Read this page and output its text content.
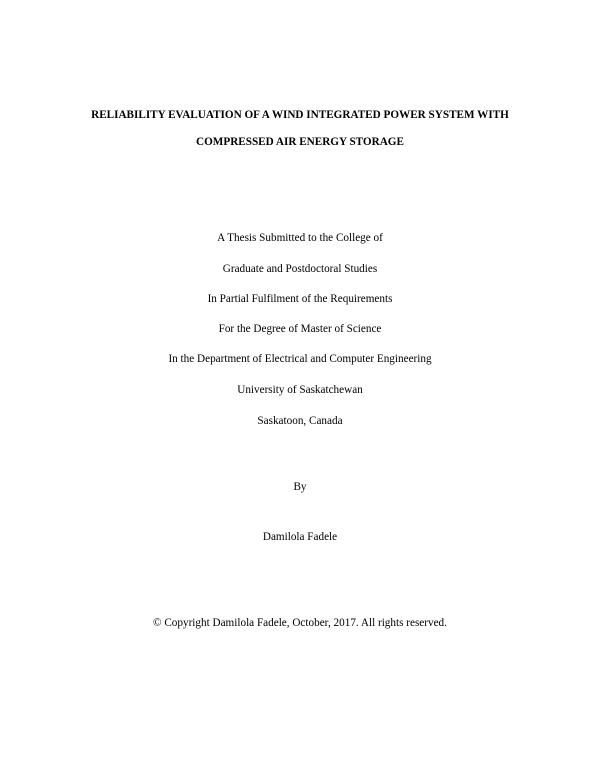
RELIABILITY EVALUATION OF A WIND INTEGRATED POWER SYSTEM WITH
COMPRESSED AIR ENERGY STORAGE
A Thesis Submitted to the College of
Graduate and Postdoctoral Studies
In Partial Fulfilment of the Requirements
For the Degree of Master of Science
In the Department of Electrical and Computer Engineering
University of Saskatchewan
Saskatoon, Canada
By
Damilola Fadele
© Copyright Damilola Fadele, October, 2017. All rights reserved.
